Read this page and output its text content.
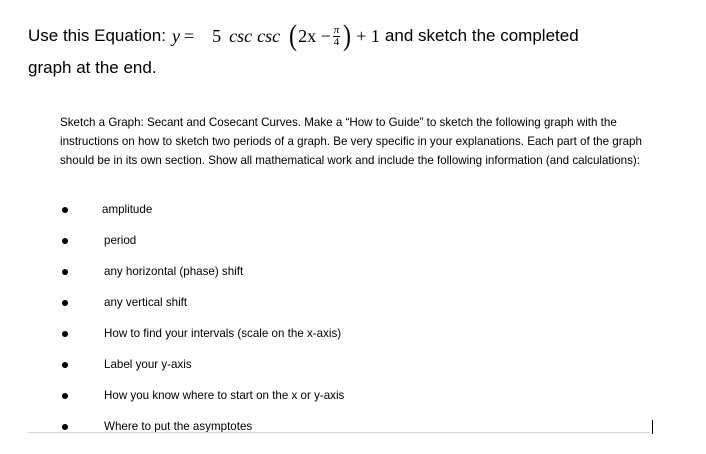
Use this Equation: y = 5 csc csc ( $2x - \frac{\pi}{4}$ ) + 1 and sketch the completed
graph at the end.

Sketch a Graph: Secant and Cosecant Curves. Make a “How to Guide” to sketch the following graph with the instructions on how to sketch two periods of a graph. Be very specific in your explanations. Each part of the graph should be in its own section. Show all mathematical work and include the following information (and calculations):

amplitude
period
any horizontal (phase) shift
any vertical shift
How to find your intervals (scale on the x-axis)
Label your y-axis
How you know where to start on the x or y-axis
Where to put the asymptotes
